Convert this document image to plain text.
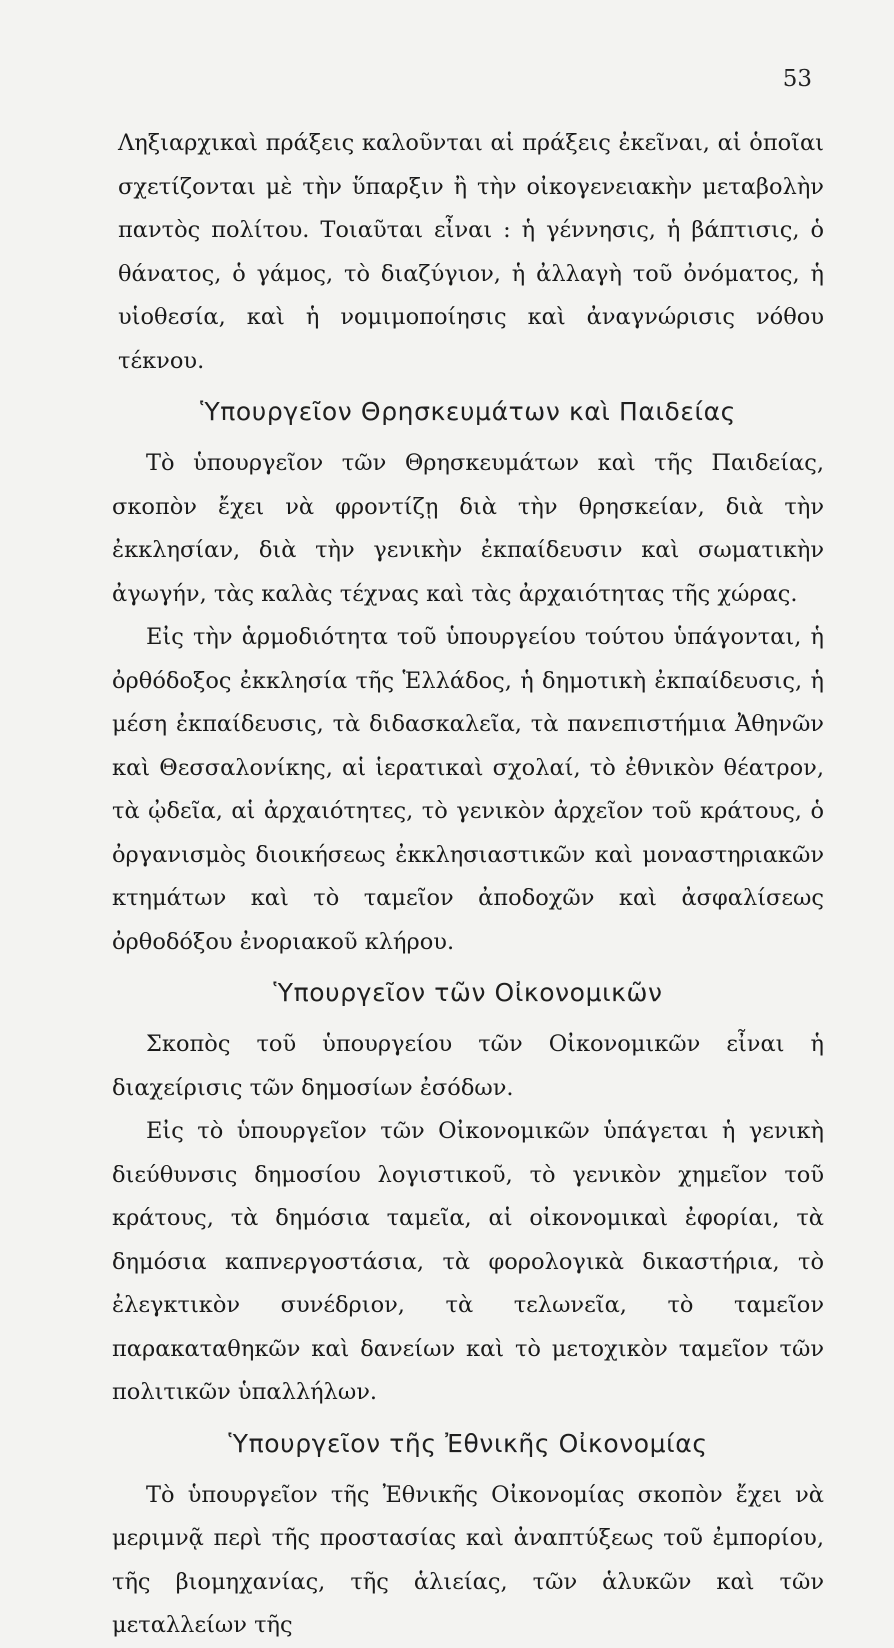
53

Ληξιαρχικαὶ πράξεις καλοῦνται αἱ πράξεις ἐκεῖναι, αἱ ὁποῖαι σχετίζονται μὲ τὴν ὕπαρξιν ἢ τὴν οἰκογενειακὴν μεταβολὴν παντὸς πολίτου. Τοιαῦται εἶναι : ἡ γέννησις, ἡ βάπτισις, ὁ θάνατος, ὁ γάμος, τὸ διαζύγιον, ἡ ἀλλαγὴ τοῦ ὀνόματος, ἡ υἱοθεσία, καὶ ἡ νομιμοποίησις καὶ ἀναγνώρισις νόθου τέκνου.

Ὑπουργεῖον Θρησκευμάτων καὶ Παιδείας

Τὸ ὑπουργεῖον τῶν Θρησκευμάτων καὶ τῆς Παιδείας, σκοπὸν ἔχει νὰ φροντίζῃ διὰ τὴν θρησκείαν, διὰ τὴν ἐκκλησίαν, διὰ τὴν γενικὴν ἐκπαίδευσιν καὶ σωματικὴν ἀγωγήν, τὰς καλὰς τέχνας καὶ τὰς ἀρχαιότητας τῆς χώρας.

Εἰς τὴν ἁρμοδιότητα τοῦ ὑπουργείου τούτου ὑπάγονται, ἡ ὀρθόδοξος ἐκκλησία τῆς Ἑλλάδος, ἡ δημοτικὴ ἐκπαίδευσις, ἡ μέση ἐκπαίδευσις, τὰ διδασκαλεῖα, τὰ πανεπιστήμια Ἀθηνῶν καὶ Θεσσαλονίκης, αἱ ἱερατικαὶ σχολαί, τὸ ἐθνικὸν θέατρον, τὰ ᾠδεῖα, αἱ ἀρχαιότητες, τὸ γενικὸν ἀρχεῖον τοῦ κράτους, ὁ ὀργανισμὸς διοικήσεως ἐκκλησιαστικῶν καὶ μοναστηριακῶν κτημάτων καὶ τὸ ταμεῖον ἀποδοχῶν καὶ ἀσφαλίσεως ὀρθοδόξου ἐνοριακοῦ κλήρου.

Ὑπουργεῖον τῶν Οἰκονομικῶν

Σκοπὸς τοῦ ὑπουργείου τῶν Οἰκονομικῶν εἶναι ἡ διαχείρισις τῶν δημοσίων ἐσόδων.

Εἰς τὸ ὑπουργεῖον τῶν Οἰκονομικῶν ὑπάγεται ἡ γενικὴ διεύθυνσις δημοσίου λογιστικοῦ, τὸ γενικὸν χημεῖον τοῦ κράτους, τὰ δημόσια ταμεῖα, αἱ οἰκονομικαὶ ἐφορίαι, τὰ δημόσια καπνεργοστάσια, τὰ φορολογικὰ δικαστήρια, τὸ ἐλεγκτικὸν συνέδριον, τὰ τελωνεῖα, τὸ ταμεῖον παρακαταθηκῶν καὶ δανείων καὶ τὸ μετοχικὸν ταμεῖον τῶν πολιτικῶν ὑπαλλήλων.

Ὑπουργεῖον τῆς Ἐθνικῆς Οἰκονομίας

Τὸ ὑπουργεῖον τῆς Ἐθνικῆς Οἰκονομίας σκοπὸν ἔχει νὰ μεριμνᾷ περὶ τῆς προστασίας καὶ ἀναπτύξεως τοῦ ἐμπορίου, τῆς βιομηχανίας, τῆς ἁλιείας, τῶν ἁλυκῶν καὶ τῶν μεταλλείων τῆς
